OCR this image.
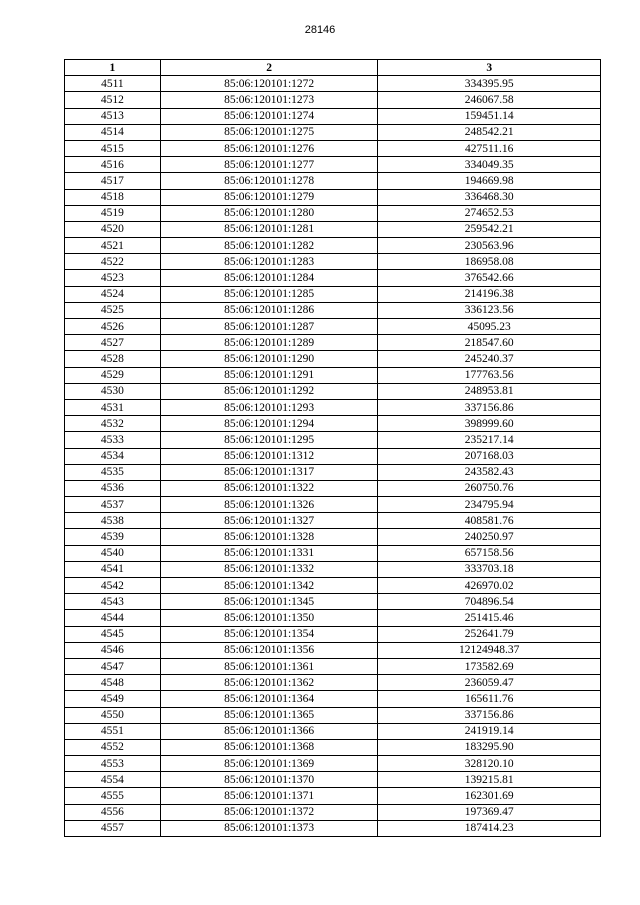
28146
1	2	3
4511	85:06:120101:1272	334395.95
4512	85:06:120101:1273	246067.58
4513	85:06:120101:1274	159451.14
4514	85:06:120101:1275	248542.21
4515	85:06:120101:1276	427511.16
4516	85:06:120101:1277	334049.35
4517	85:06:120101:1278	194669.98
4518	85:06:120101:1279	336468.30
4519	85:06:120101:1280	274652.53
4520	85:06:120101:1281	259542.21
4521	85:06:120101:1282	230563.96
4522	85:06:120101:1283	186958.08
4523	85:06:120101:1284	376542.66
4524	85:06:120101:1285	214196.38
4525	85:06:120101:1286	336123.56
4526	85:06:120101:1287	45095.23
4527	85:06:120101:1289	218547.60
4528	85:06:120101:1290	245240.37
4529	85:06:120101:1291	177763.56
4530	85:06:120101:1292	248953.81
4531	85:06:120101:1293	337156.86
4532	85:06:120101:1294	398999.60
4533	85:06:120101:1295	235217.14
4534	85:06:120101:1312	207168.03
4535	85:06:120101:1317	243582.43
4536	85:06:120101:1322	260750.76
4537	85:06:120101:1326	234795.94
4538	85:06:120101:1327	408581.76
4539	85:06:120101:1328	240250.97
4540	85:06:120101:1331	657158.56
4541	85:06:120101:1332	333703.18
4542	85:06:120101:1342	426970.02
4543	85:06:120101:1345	704896.54
4544	85:06:120101:1350	251415.46
4545	85:06:120101:1354	252641.79
4546	85:06:120101:1356	12124948.37
4547	85:06:120101:1361	173582.69
4548	85:06:120101:1362	236059.47
4549	85:06:120101:1364	165611.76
4550	85:06:120101:1365	337156.86
4551	85:06:120101:1366	241919.14
4552	85:06:120101:1368	183295.90
4553	85:06:120101:1369	328120.10
4554	85:06:120101:1370	139215.81
4555	85:06:120101:1371	162301.69
4556	85:06:120101:1372	197369.47
4557	85:06:120101:1373	187414.23
